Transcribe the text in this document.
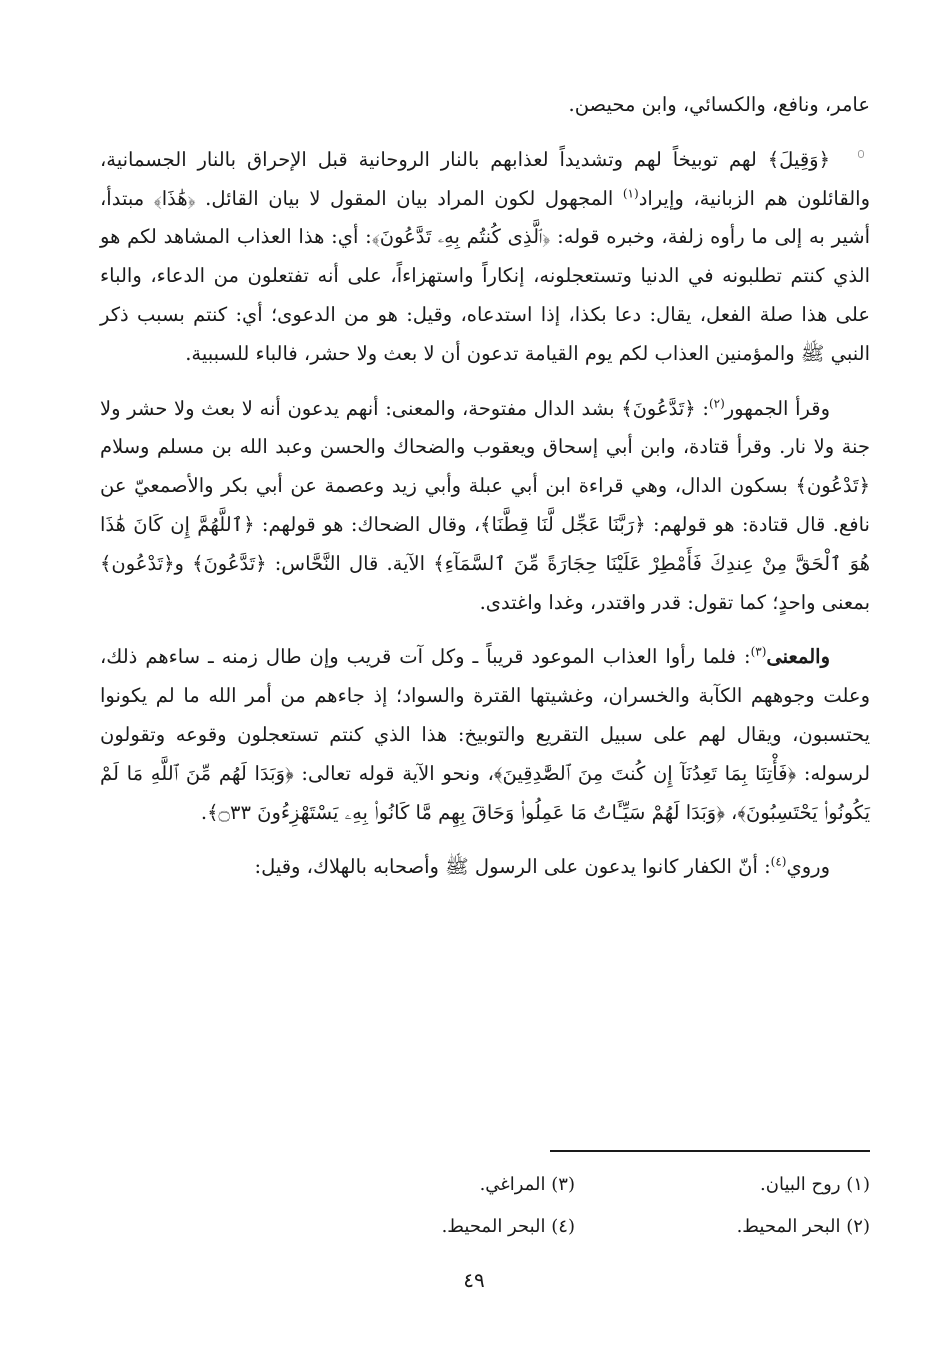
عامر، ونافع، والكسائي، وابن محيصن.

﴿وَقِيلَ﴾ لهم توبيخاً لهم وتشديداً لعذابهم بالنار الروحانية قبل الإحراق بالنار الجسمانية، والقائلون هم الزبانية، وإيراد$^{(١)}$ المجهول لكون المراد بيان المقول لا بيان القائل. ﴿هَٰذَا﴾ مبتدأ، أشير به إلى ما رأوه زلفة، وخبره قوله: ﴿ٱلَّذِى كُنتُم بِهِۦ تَدَّعُونَ﴾: أي: هذا العذاب المشاهد لكم هو الذي كنتم تطلبونه في الدنيا وتستعجلونه، إنكاراً واستهزاءاً، على أنه تفتعلون من الدعاء، والباء على هذا صلة الفعل، يقال: دعا بكذا، إذا استدعاه، وقيل: هو من الدعوى؛ أي: كنتم بسبب ذكر النبي ﷺ والمؤمنين العذاب لكم يوم القيامة تدعون أن لا بعث ولا حشر، فالباء للسببية.

وقرأ الجمهور$^{(٢)}$: ﴿تَدَّعُونَ﴾ بشد الدال مفتوحة، والمعنى: أنهم يدعون أنه لا بعث ولا حشر ولا جنة ولا نار. وقرأ قتادة، وابن أبي إسحاق ويعقوب والضحاك والحسن وعبد الله بن مسلم وسلام ﴿تَدْعُون﴾ بسكون الدال، وهي قراءة ابن أبي عبلة وأبي زيد وعصمة عن أبي بكر والأصمعيّ عن نافع. قال قتادة: هو قولهم: ﴿رَبَّنَا عَجِّل لَّنَا قِطَّنَا﴾، وقال الضحاك: هو قولهم: ﴿ٱللَّهُمَّ إِن كَانَ هَٰذَا هُوَ ٱلْحَقَّ مِنْ عِندِكَ فَأَمْطِرْ عَلَيْنَا حِجَارَةً مِّنَ ٱلسَّمَآءِ﴾ الآية. قال النَّحَّاس: ﴿تَدَّعُونَ﴾ و﴿تَدْعُون﴾ بمعنى واحدٍ؛ كما تقول: قدر واقتدر، وغدا واغتدى.

والمعنى$^{(٣)}$: فلما رأوا العذاب الموعود قريباً ـ وكل آت قريب وإن طال زمنه ـ ساءهم ذلك، وعلت وجوههم الكآبة والخسران، وغشيتها القترة والسواد؛ إذ جاءهم من أمر الله ما لم يكونوا يحتسبون، ويقال لهم على سبيل التقريع والتوبيخ: هذا الذي كنتم تستعجلون وقوعه وتقولون لرسوله: ﴿فَأْتِنَا بِمَا تَعِدُنَآ إِن كُنتَ مِنَ ٱلصَّٰدِقِينَ﴾، ونحو الآية قوله تعالى: ﴿وَبَدَا لَهُم مِّنَ ٱللَّهِ مَا لَمْ يَكُونُوا۟ يَحْتَسِبُونَ﴾، ﴿وَبَدَا لَهُمْ سَيِّـَٔاتُ مَا عَمِلُوا۟ وَحَاقَ بِهِم مَّا كَانُوا۟ بِهِۦ يَسْتَهْزِءُونَ ۝٣٣﴾.

وروي$^{(٤)}$: أنّ الكفار كانوا يدعون على الرسول ﷺ وأصحابه بالهلاك، وقيل:

(١) روح البيان.
(٣) المراغي.
(٢) البحر المحيط.
(٤) البحر المحيط.
٤٩
